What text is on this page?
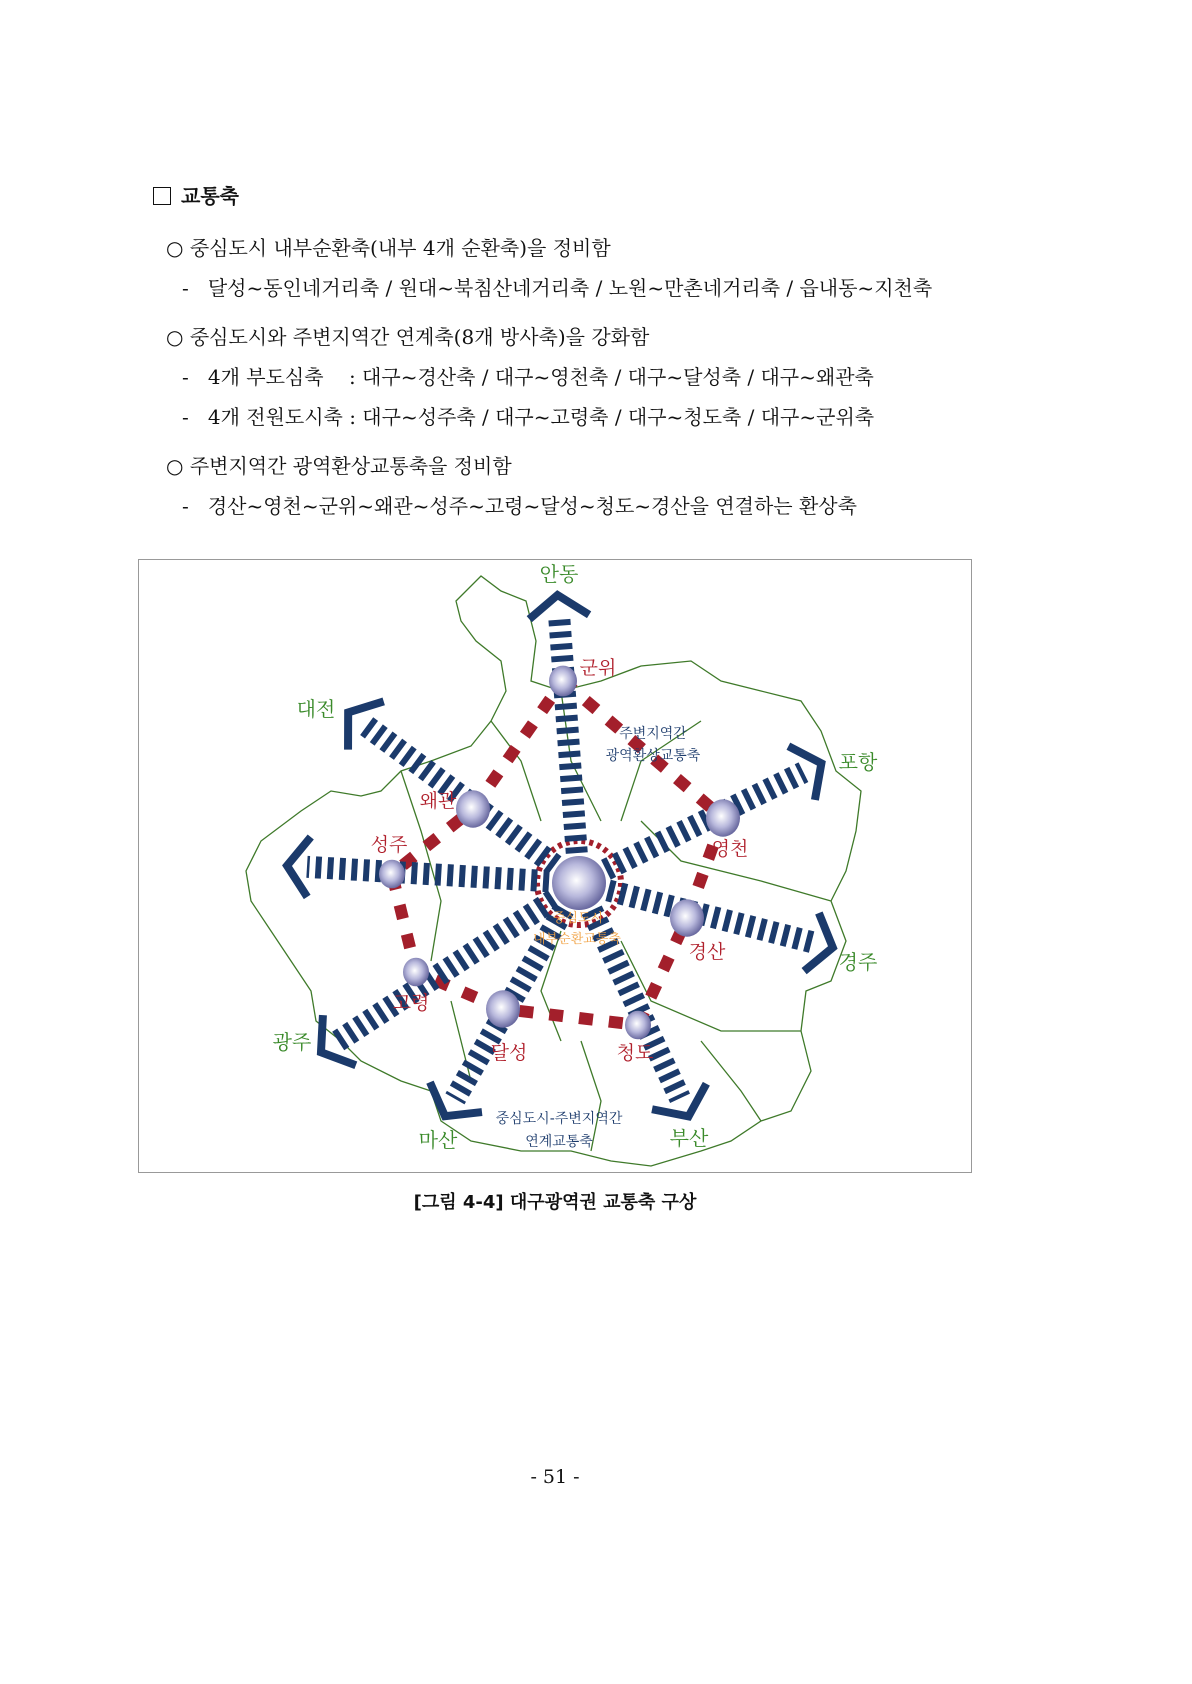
교통축
○ 중심도시 내부순환축(내부 4개 순환축)을 정비함
- 달성~동인네거리축 / 원대~북침산네거리축 / 노원~만촌네거리축 / 읍내동~지천축
○ 중심도시와 주변지역간 연계축(8개 방사축)을 강화함
- 4개 부도심축    : 대구~경산축 / 대구~영천축 / 대구~달성축 / 대구~왜관축
- 4개 전원도시축 : 대구~성주축 / 대구~고령축 / 대구~청도축 / 대구~군위축
○ 주변지역간 광역환상교통축을 정비함
- 경산~영천~군위~왜관~성주~고령~달성~청도~경산을 연결하는 환상축
안동
대전
포항
경주
부산
마산
광주
군위
왜관
성주	영천
경산
고령
달성	청도
주변지역간
광역환상교통축
중심도시-주변지역간
연계교통축
중심도시
내부순환교통축
[그림 4-4] 대구광역권 교통축 구상
- 51 -
